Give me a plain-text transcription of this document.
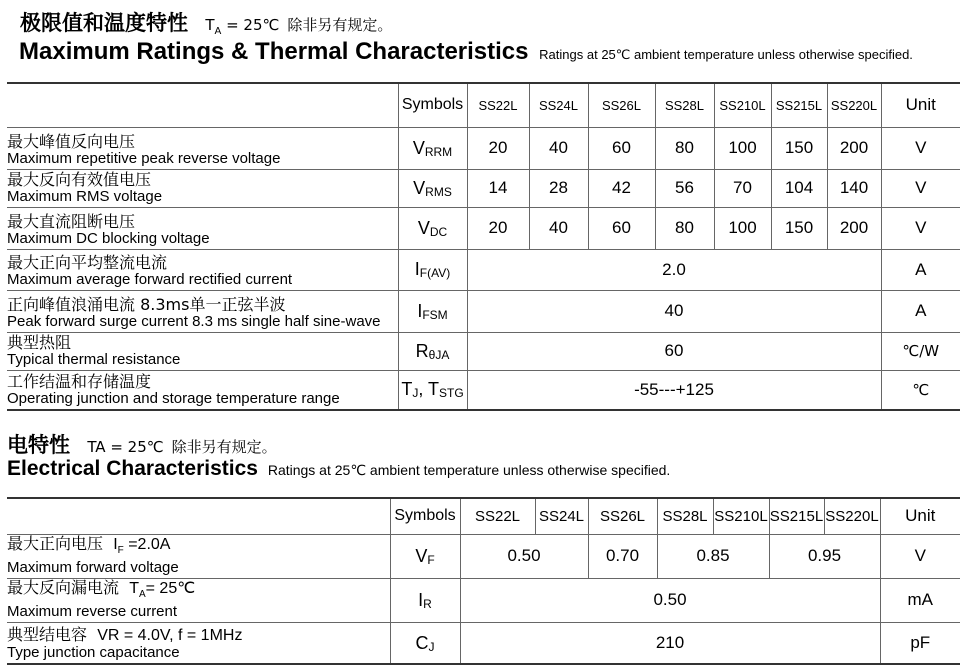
极限值和温度特性 $T_A$ = 25℃ 除非另有规定。
Maximum Ratings & Thermal Characteristics Ratings at 25℃ ambient temperature unless otherwise specified.
	Symbols	SS22L	SS24L	SS26L	SS28L	SS210L	SS215L	SS220L	Unit

最大峰值反向电压
Maximum repetitive peak reverse voltage	$V_{RRM}$	20	40	60	80	100	150	200	V

最大反向有效值电压
Maximum RMS voltage	$V_{RMS}$	14	28	42	56	70	104	140	V

最大直流阻断电压
Maximum DC blocking voltage	$V_{DC}$	20	40	60	80	100	150	200	V

最大正向平均整流电流
Maximum average forward rectified current	$I_{F(AV)}$	2.0							A

正向峰值浪涌电流 8.3ms单一正弦半波
Peak forward surge current 8.3 ms single half sine-wave	$I_{FSM}$	40							A

典型热阻
Typical thermal resistance	$R_{\theta JA}$	60							℃/W

工作结温和存储温度
Operating junction and storage temperature range	$T_J$, $T_{STG}$	-55---+125							℃
电特性 TA = 25℃ 除非另有规定。
Electrical Characteristics Ratings at 25℃ ambient temperature unless otherwise specified.
	Symbols	SS22L	SS24L	SS26L	SS28L	SS210L	SS215L	SS220L	Unit

最大正向电压 $I_F =2.0A$
Maximum forward voltage	$V_F$	0.50		0.70	0.85		0.95		V

最大反向漏电流 $T_A=$ 25℃
Maximum reverse current	$I_R$	0.50							mA

典型结电容 VR = 4.0V, f = 1MHz
Type junction capacitance	$C_J$	210							pF
